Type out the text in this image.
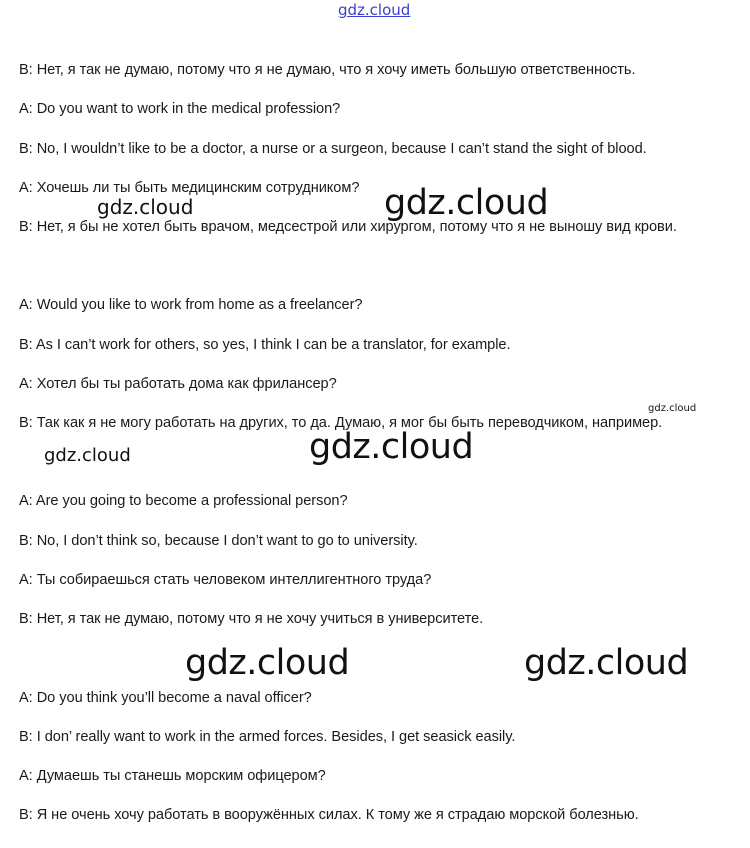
gdz.cloud
B: Нет, я так не думаю, потому что я не думаю, что я хочу иметь большую ответственность.
A: Do you want to work in the medical profession?
B: No, I wouldn’t like to be a doctor, a nurse or a surgeon, because I can’t stand the sight of blood.
A: Хочешь ли ты быть медицинским сотрудником?
B: Нет, я бы не хотел быть врачом, медсестрой или хирургом, потому что я не выношу вид крови.
A: Would you like to work from home as a freelancer?
B: As I can’t work for others, so yes, I think I can be a translator, for example.
A: Хотел бы ты работать дома как фрилансер?
B: Так как я не могу работать на других, то да. Думаю, я мог бы быть переводчиком, например.
A: Are you going to become a professional person?
B: No, I don’t think so, because I don’t want to go to university.
A: Ты собираешься стать человеком интеллигентного труда?
B: Нет, я так не думаю, потому что я не хочу учиться в университете.
A: Do you think you’ll become a naval officer?
B: I don’ really want to work in the armed forces. Besides, I get seasick easily.
A: Думаешь ты станешь морским офицером?
B: Я не очень хочу работать в вооружённых силах. К тому же я страдаю морской болезнью.
gdz.cloud	gdz.cloud
gdz.cloud
gdz.cloud
gdz.cloud
gdz.cloud	gdz.cloud
